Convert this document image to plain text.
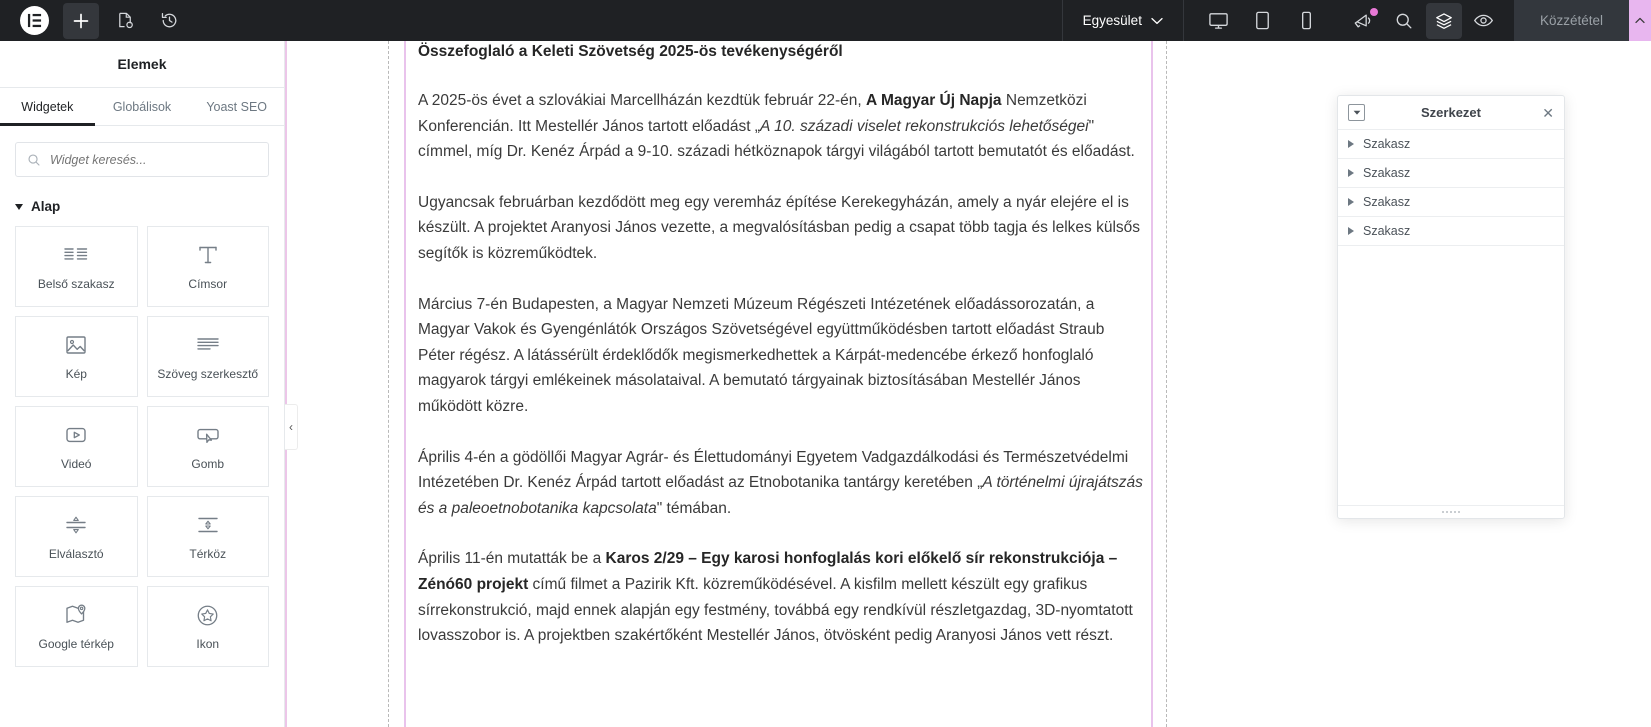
Egyesület	Közzététel
Elemek
Widgetek	Globálisok	Yoast SEO
Widget keresés...
Alap
Belső szakasz	Címsor
Kép	Szöveg szerkesztő
Videó	Gomb
Elválasztó	Térköz
Google térkép	Ikon
‹
Összefoglaló a Keleti Szövetség 2025-ös tevékenységéről

A 2025-ös évet a szlovákiai Marcellházán kezdtük február 22-én, A Magyar Új Napja Nemzetközi Konferencián. Itt Mestellér János tartott előadást „A 10. századi viselet rekonstrukciós lehetőségei" címmel, míg Dr. Kenéz Árpád a 9-10. századi hétköznapok tárgyi világából tartott bemutatót és előadást.

Ugyancsak februárban kezdődött meg egy veremház építése Kerekegyházán, amely a nyár elejére el is készült. A projektet Aranyosi János vezette, a megvalósításban pedig a csapat több tagja és lelkes külsős segítők is közreműködtek.

Március 7-én Budapesten, a Magyar Nemzeti Múzeum Régészeti Intézetének előadássorozatán, a Magyar Vakok és Gyengénlátók Országos Szövetségével együttműködésben tartott előadást Straub Péter régész. A látássérült érdeklődők megismerkedhettek a Kárpát-medencébe érkező honfoglaló magyarok tárgyi emlékeinek másolataival. A bemutató tárgyainak biztosításában Mestellér János működött közre.

Április 4-én a gödöllői Magyar Agrár- és Élettudományi Egyetem Vadgazdálkodási és Természetvédelmi Intézetében Dr. Kenéz Árpád tartott előadást az Etnobotanika tantárgy keretében „A történelmi újrajátszás és a paleoetnobotanika kapcsolata" témában.

Április 11-én mutatták be a Karos 2/29 – Egy karosi honfoglalás kori előkelő sír rekonstrukciója – Zénó60 projekt című filmet a Pazirik Kft. közreműködésével. A kisfilm mellett készült egy grafikus sírrekonstrukció, majd ennek alapján egy festmény, továbbá egy rendkívül részletgazdag, 3D-nyomtatott lovasszobor is. A projektben szakértőként Mestellér János, ötvösként pedig Aranyosi János vett részt.

Szerkezet	✕
Szakasz
Szakasz
Szakasz
Szakasz
